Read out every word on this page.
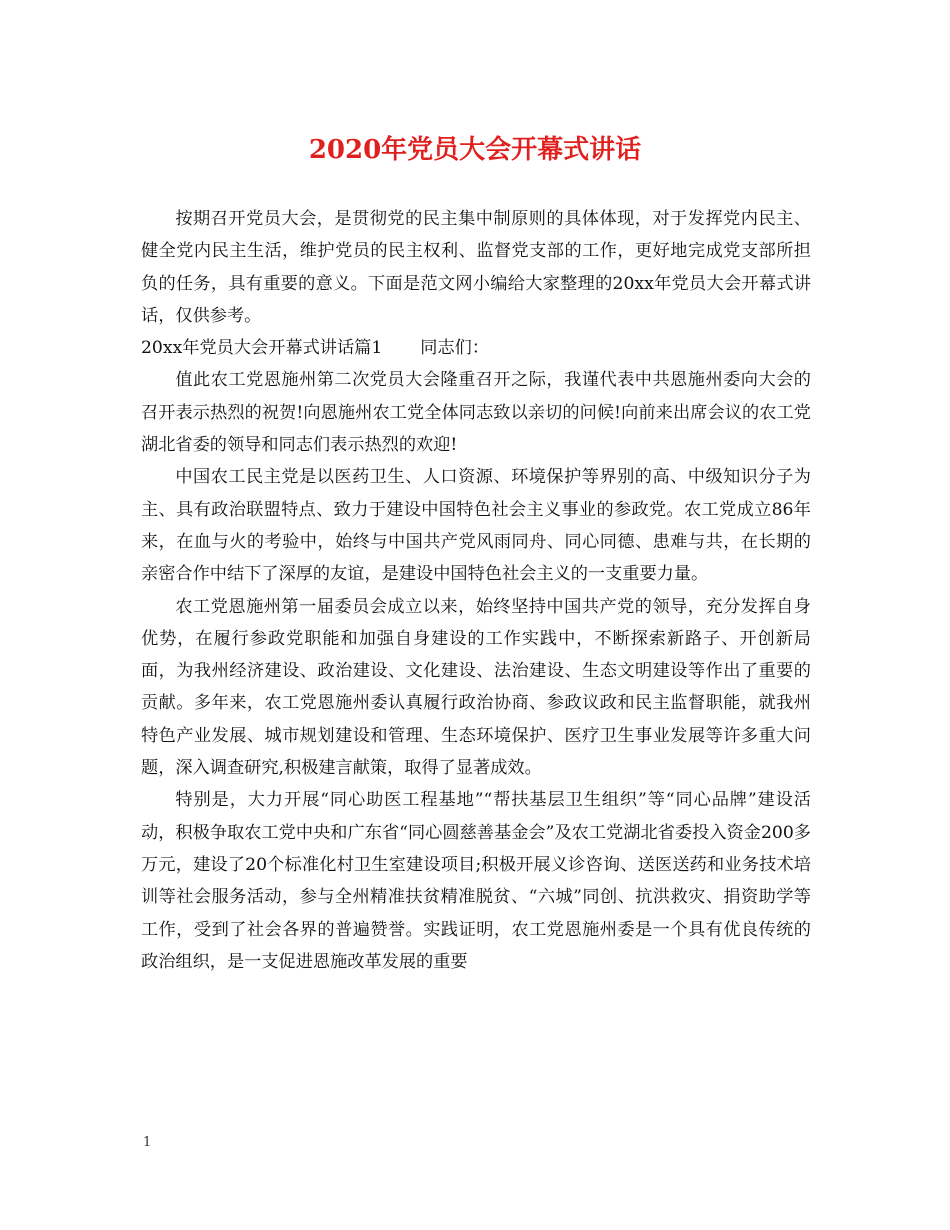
2020年党员大会开幕式讲话

按期召开党员大会，是贯彻党的民主集中制原则的具体体现，对于发挥党内民主、健全党内民主生活，维护党员的民主权利、监督党支部的工作，更好地完成党支部所担负的任务，具有重要的意义。下面是范文网小编给大家整理的20xx年党员大会开幕式讲话，仅供参考。

20xx年党员大会开幕式讲话篇1 同志们：

值此农工党恩施州第二次党员大会隆重召开之际，我谨代表中共恩施州委向大会的召开表示热烈的祝贺!向恩施州农工党全体同志致以亲切的问候!向前来出席会议的农工党湖北省委的领导和同志们表示热烈的欢迎!

中国农工民主党是以医药卫生、人口资源、环境保护等界别的高、中级知识分子为主、具有政治联盟特点、致力于建设中国特色社会主义事业的参政党。农工党成立86年来，在血与火的考验中，始终与中国共产党风雨同舟、同心同德、患难与共，在长期的亲密合作中结下了深厚的友谊，是建设中国特色社会主义的一支重要力量。

农工党恩施州第一届委员会成立以来，始终坚持中国共产党的领导，充分发挥自身优势，在履行参政党职能和加强自身建设的工作实践中，不断探索新路子、开创新局面，为我州经济建设、政治建设、文化建设、法治建设、生态文明建设等作出了重要的贡献。多年来，农工党恩施州委认真履行政治协商、参政议政和民主监督职能，就我州特色产业发展、城市规划建设和管理、生态环境保护、医疗卫生事业发展等许多重大问题，深入调查研究,积极建言献策，取得了显著成效。

特别是，大力开展“同心助医工程基地”“帮扶基层卫生组织”等“同心品牌”建设活动，积极争取农工党中央和广东省“同心圆慈善基金会”及农工党湖北省委投入资金200多万元，建设了20个标准化村卫生室建设项目;积极开展义诊咨询、送医送药和业务技术培训等社会服务活动，参与全州精准扶贫精准脱贫、“六城”同创、抗洪救灾、捐资助学等工作，受到了社会各界的普遍赞誉。实践证明，农工党恩施州委是一个具有优良传统的政治组织，是一支促进恩施改革发展的重要

1
